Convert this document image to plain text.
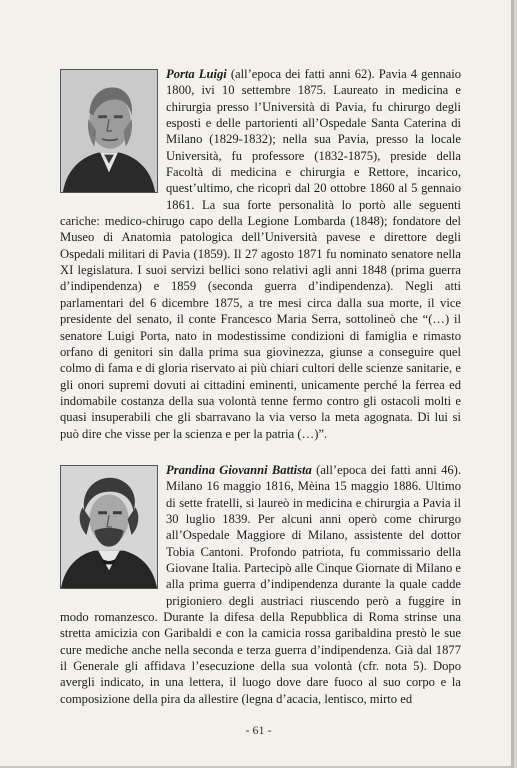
Porta Luigi (all’epoca dei fatti anni 62). Pavia 4 gennaio 1800, ivi 10 settembre 1875. Laureato in medicina e chirurgia presso l’Università di Pavia, fu chirurgo degli esposti e delle partorienti all’Ospedale Santa Caterina di Milano (1829-1832); nella sua Pavia, presso la locale Università, fu professore (1832-1875), preside della Facoltà di medicina e chirurgia e Rettore, incarico, quest’ultimo, che ricoprì dal 20 ottobre 1860 al 5 gennaio 1861. La sua forte personalità lo portò alle seguenti cariche: medico-chirugo capo della Legione Lombarda (1848); fondatore del Museo di Anatomia patologica dell’Università pavese e direttore degli Ospedali militari di Pavia (1859). Il 27 agosto 1871 fu nominato senatore nella XI legislatura. I suoi servizi bellici sono relativi agli anni 1848 (prima guerra d’indipendenza) e 1859 (seconda guerra d’indipendenza). Negli atti parlamentari del 6 dicembre 1875, a tre mesi circa dalla sua morte, il vice presidente del senato, il conte Francesco Maria Serra, sottolineò che “(…) il senatore Luigi Porta, nato in modestissime condizioni di famiglia e rimasto orfano di genitori sin dalla prima sua giovinezza, giunse a conseguire quel colmo di fama e di gloria riservato ai più chiari cultori delle scienze sanitarie, e gli onori supremi dovuti ai cittadini eminenti, unicamente perché la ferrea ed indomabile costanza della sua volontà tenne fermo contro gli ostacoli molti e quasi insuperabili che gli sbarravano la via verso la meta agognata. Di lui si può dire che visse per la scienza e per la patria (…)”.

Prandina Giovanni Battista (all’epoca dei fatti anni 46). Milano 16 maggio 1816, Mèina 15 maggio 1886. Ultimo di sette fratelli, si laureò in medicina e chirurgia a Pavia il 30 luglio 1839. Per alcuni anni operò come chirurgo all’Ospedale Maggiore di Milano, assistente del dottor Tobia Cantoni. Profondo patriota, fu commissario della Giovane Italia. Partecipò alle Cinque Giornate di Milano e alla prima guerra d’indipendenza durante la quale cadde prigioniero degli austriaci riuscendo però a fuggire in modo romanzesco. Durante la difesa della Repubblica di Roma strinse una stretta amicizia con Garibaldi e con la camicia rossa garibaldina prestò le sue cure mediche anche nella seconda e terza guerra d’indipendenza. Già dal 1877 il Generale gli affidava l’esecuzione della sua volontà (cfr. nota 5). Dopo avergli indicato, in una lettera, il luogo dove dare fuoco al suo corpo e la composizione della pira da allestire (legna d’acacia, lentisco, mirto ed

- 61 -
